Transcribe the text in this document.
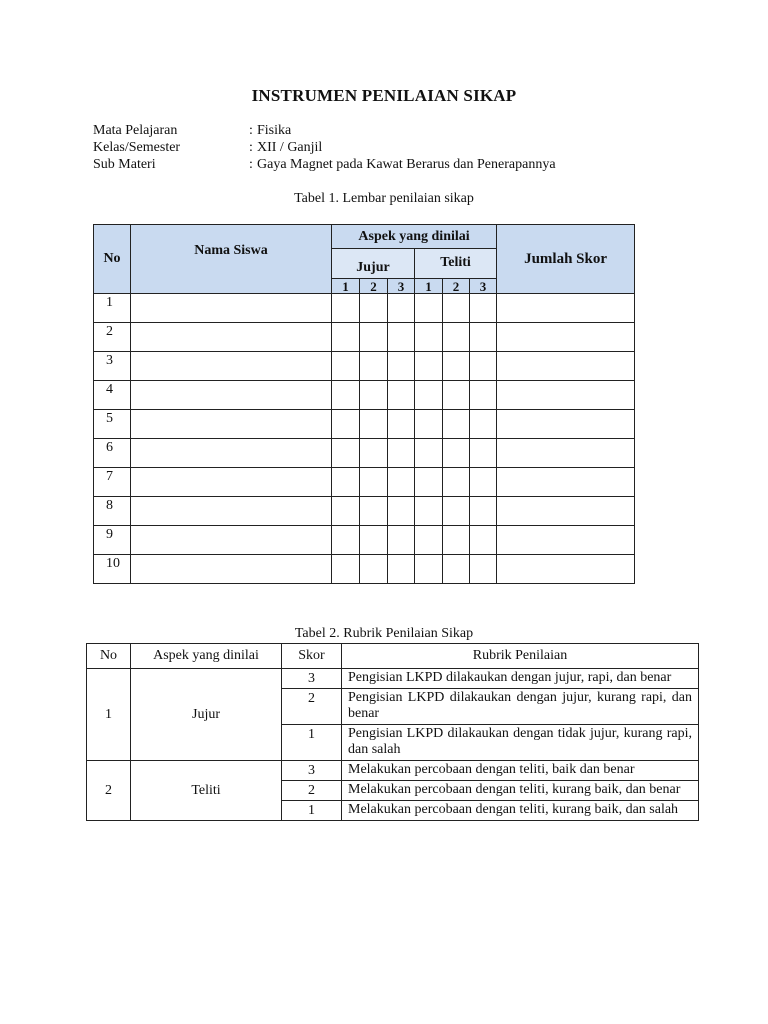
INSTRUMEN PENILAIAN SIKAP
Mata Pelajaran	: Fisika
Kelas/Semester	: XII / Ganjil
Sub Materi	: Gaya Magnet pada Kawat Berarus dan Penerapannya
Tabel 1. Lembar penilaian sikap
No	Nama Siswa	Aspek yang dinilai						Jumlah Skor
		Jujur			Teliti			
		1	2	3	1	2	3	
1								
2								
3								
4								
5								
6								
7								
8								
9								
10								
Tabel 2. Rubrik Penilaian Sikap
No	Aspek yang dinilai	Skor	Rubrik Penilaian
1	Jujur	3	Pengisian LKPD dilakaukan dengan jujur, rapi, dan benar
		2	Pengisian LKPD dilakaukan dengan jujur, kurang rapi, dan benar
		1	Pengisian LKPD dilakaukan dengan tidak jujur, kurang rapi, dan salah
2	Teliti	3	Melakukan percobaan dengan teliti, baik dan benar
		2	Melakukan percobaan dengan teliti, kurang baik, dan benar
		1	Melakukan percobaan dengan teliti, kurang baik, dan salah
